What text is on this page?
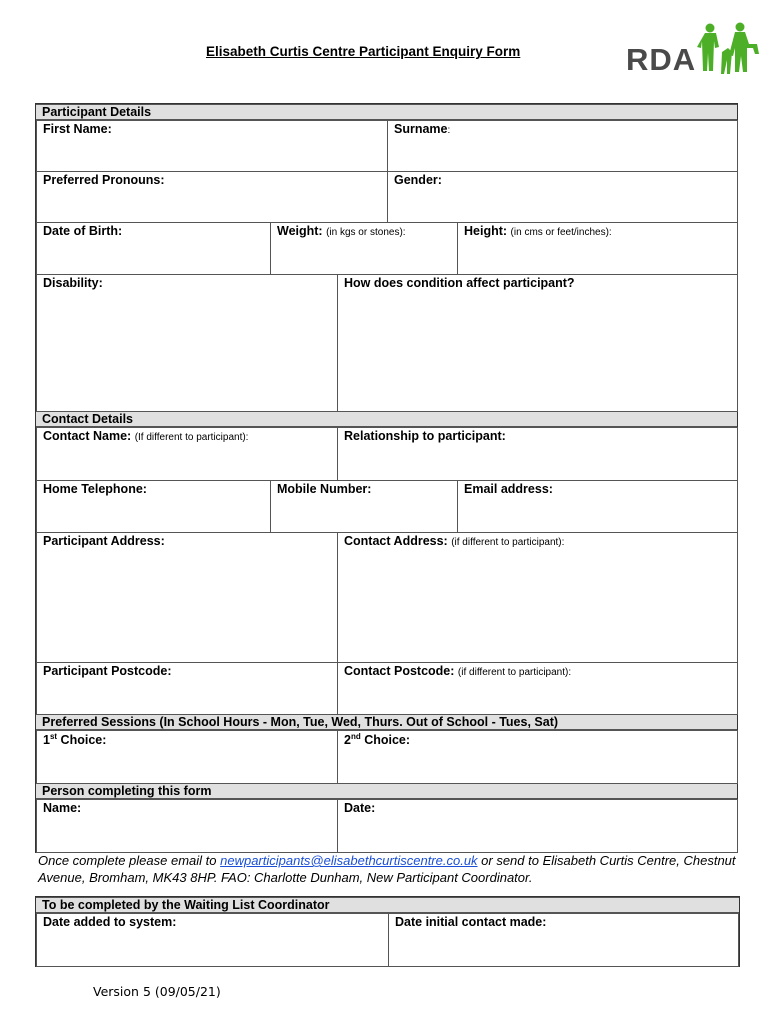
Elisabeth Curtis Centre Participant Enquiry Form	RDA
Participant Details
First Name:	Surname:
Preferred Pronouns:	Gender:
Date of Birth:	Weight: (in kgs or stones):	Height: (in cms or feet/inches):
Disability:	How does condition affect participant?
Contact Details
Contact Name: (If different to participant):	Relationship to participant:
Home Telephone:	Mobile Number:	Email address:
Participant Address:	Contact Address: (if different to participant):
Participant Postcode:	Contact Postcode: (if different to participant):
Preferred Sessions (In School Hours - Mon, Tue, Wed, Thurs. Out of School - Tues, Sat)
1st Choice:	2nd Choice:
Person completing this form
Name:	Date:
Once complete please email to newparticipants@elisabethcurtiscentre.co.uk or send to Elisabeth Curtis Centre, Chestnut Avenue, Bromham, MK43 8HP. FAO: Charlotte Dunham, New Participant Coordinator.
To be completed by the Waiting List Coordinator
Date added to system:	Date initial contact made:
Version 5 (09/05/21)
